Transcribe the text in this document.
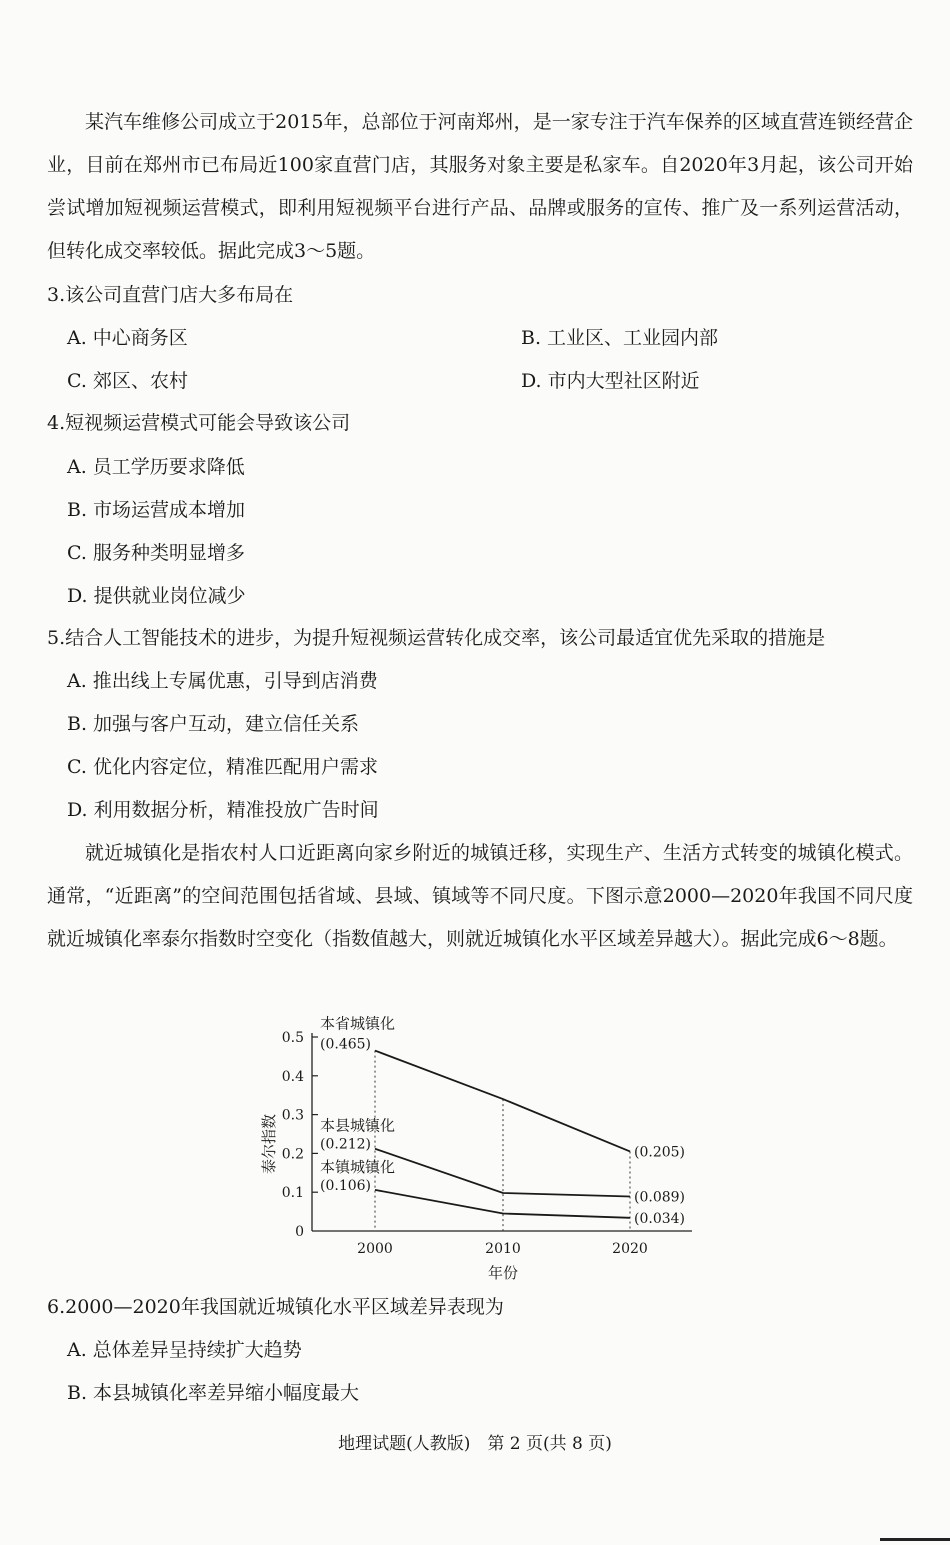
某汽车维修公司成立于2015年，总部位于河南郑州，是一家专注于汽车保养的区域直营连锁经营企业，目前在郑州市已布局近100家直营门店，其服务对象主要是私家车。自2020年3月起，该公司开始尝试增加短视频运营模式，即利用短视频平台进行产品、品牌或服务的宣传、推广及一系列运营活动，但转化成交率较低。据此完成3～5题。

3.该公司直营门店大多布局在
A. 中心商务区	B. 工业区、工业园内部
C. 郊区、农村	D. 市内大型社区附近
4.短视频运营模式可能会导致该公司
A. 员工学历要求降低
B. 市场运营成本增加
C. 服务种类明显增多
D. 提供就业岗位减少
5.结合人工智能技术的进步，为提升短视频运营转化成交率，该公司最适宜优先采取的措施是
A. 推出线上专属优惠，引导到店消费
B. 加强与客户互动，建立信任关系
C. 优化内容定位，精准匹配用户需求
D. 利用数据分析，精准投放广告时间

就近城镇化是指农村人口近距离向家乡附近的城镇迁移，实现生产、生活方式转变的城镇化模式。通常，“近距离”的空间范围包括省域、县域、镇域等不同尺度。下图示意2000—2020年我国不同尺度就近城镇化率泰尔指数时空变化（指数值越大，则就近城镇化水平区域差异越大）。据此完成6～8题。

0
0.1
0.2
0.3
0.4
0.5
2000	2010	2020
年份
泰尔指数
本省城镇化
(0.465)
(0.205)
本县城镇化
(0.212)
(0.089)
本镇城镇化
(0.106)
(0.034)
6.2000—2020年我国就近城镇化水平区域差异表现为
A. 总体差异呈持续扩大趋势
B. 本县城镇化率差异缩小幅度最大
地理试题(人教版)　第 2 页(共 8 页)
